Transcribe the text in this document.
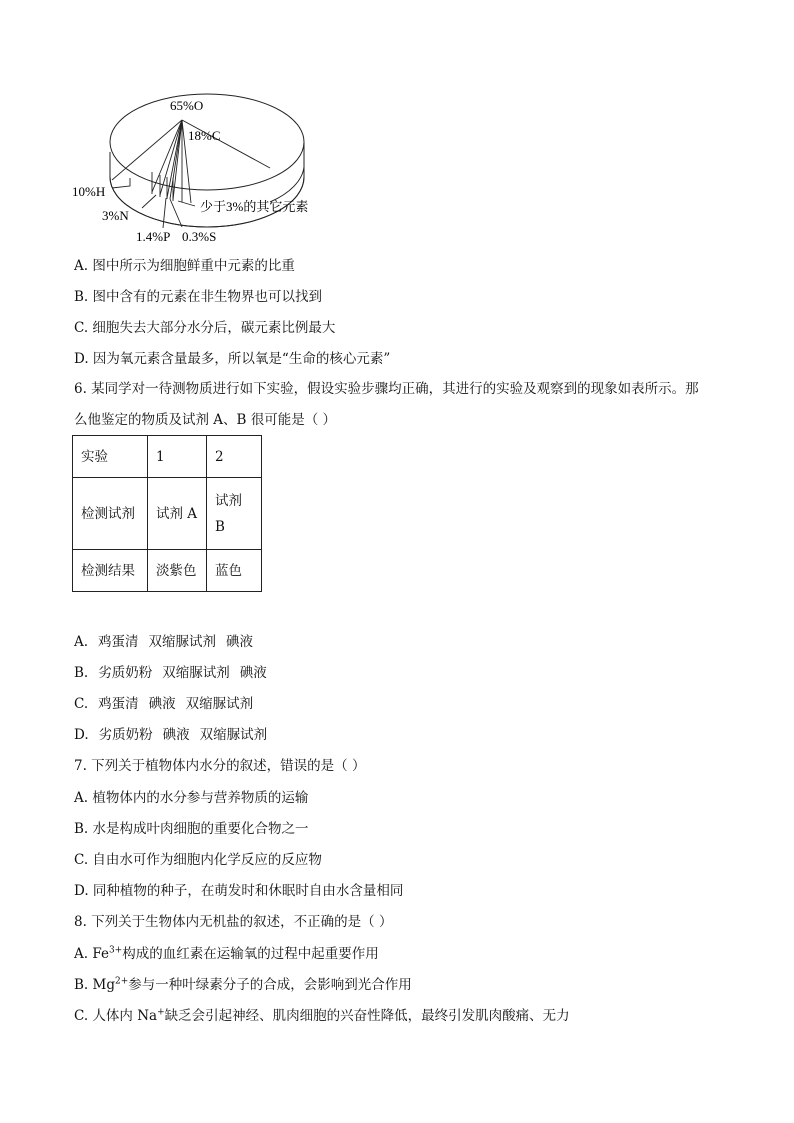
65%O
18%C
10%H
3%N
1.4%P 0.3%S
少于3%的其它元素
A. 图中所示为细胞鲜重中元素的比重
B. 图中含有的元素在非生物界也可以找到
C. 细胞失去大部分水分后，碳元素比例最大
D. 因为氧元素含量最多，所以氧是“生命的核心元素”
6. 某同学对一待测物质进行如下实验，假设实验步骤均正确，其进行的实验及观察到的现象如表所示。那
么他鉴定的物质及试剂 A、B 很可能是（ ）
实验	1	2
检测试剂	试剂 A	试剂
B
检测结果	淡紫色	蓝色
A. 鸡蛋清 双缩脲试剂 碘液
B. 劣质奶粉 双缩脲试剂 碘液
C. 鸡蛋清 碘液 双缩脲试剂
D. 劣质奶粉 碘液 双缩脲试剂
7. 下列关于植物体内水分的叙述，错误的是（ ）
A. 植物体内的水分参与营养物质的运输
B. 水是构成叶肉细胞的重要化合物之一
C. 自由水可作为细胞内化学反应的反应物
D. 同种植物的种子，在萌发时和休眠时自由水含量相同
8. 下列关于生物体内无机盐的叙述，不正确的是（ ）
A. $Fe^{3+}$构成的血红素在运输氧的过程中起重要作用
B. $Mg^{2+}$参与一种叶绿素分子的合成，会影响到光合作用
C. 人体内 Na+缺乏会引起神经、肌肉细胞的兴奋性降低，最终引发肌肉酸痛、无力
